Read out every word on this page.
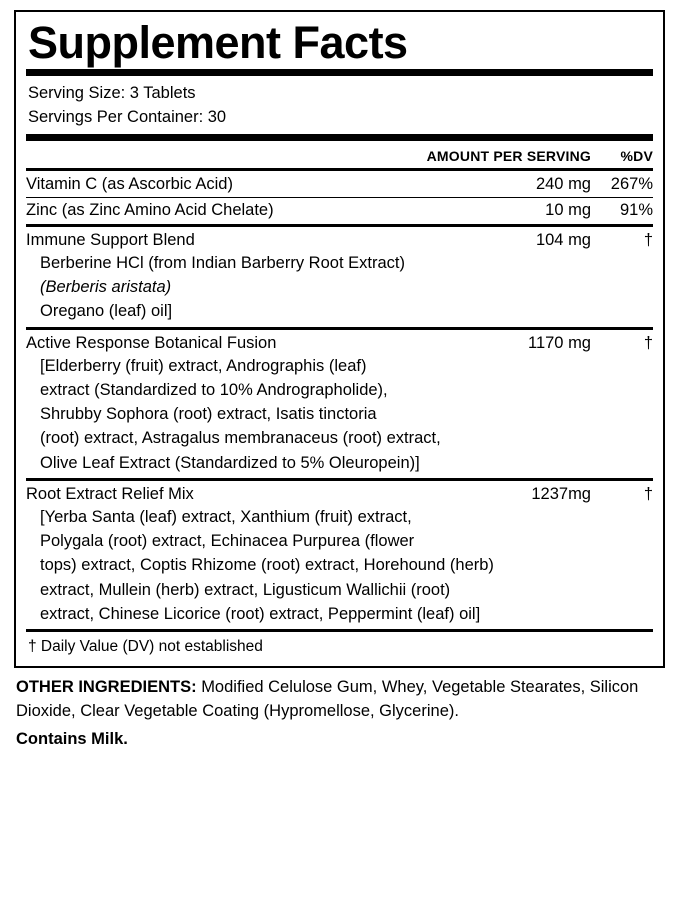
Supplement Facts
Serving Size: 3 Tablets
Servings Per Container: 30
	AMOUNT PER SERVING	%DV
Vitamin C (as Ascorbic Acid)	240 mg	267%
Zinc (as Zinc Amino Acid Chelate)	10 mg	91%
Immune Support Blend	104 mg	†
Berberine HCl (from Indian Barberry Root Extract)
(Berberis aristata)
Oregano (leaf) oil]
Active Response Botanical Fusion	1170 mg	†
[Elderberry (fruit) extract, Andrographis (leaf)
extract (Standardized to 10% Andrographolide),
Shrubby Sophora (root) extract, Isatis tinctoria
(root) extract, Astragalus membranaceus (root) extract,
Olive Leaf Extract (Standardized to 5% Oleuropein)]
Root Extract Relief Mix	1237mg	†
[Yerba Santa (leaf) extract, Xanthium (fruit) extract,
Polygala (root) extract, Echinacea Purpurea (flower
tops) extract, Coptis Rhizome (root) extract, Horehound (herb)
extract, Mullein (herb) extract, Ligusticum Wallichii (root)
extract, Chinese Licorice (root) extract, Peppermint (leaf) oil]
† Daily Value (DV) not established
OTHER INGREDIENTS: Modified Celulose Gum, Whey, Vegetable Stearates, Silicon Dioxide, Clear Vegetable Coating (Hypromellose, Glycerine).
Contains Milk.
